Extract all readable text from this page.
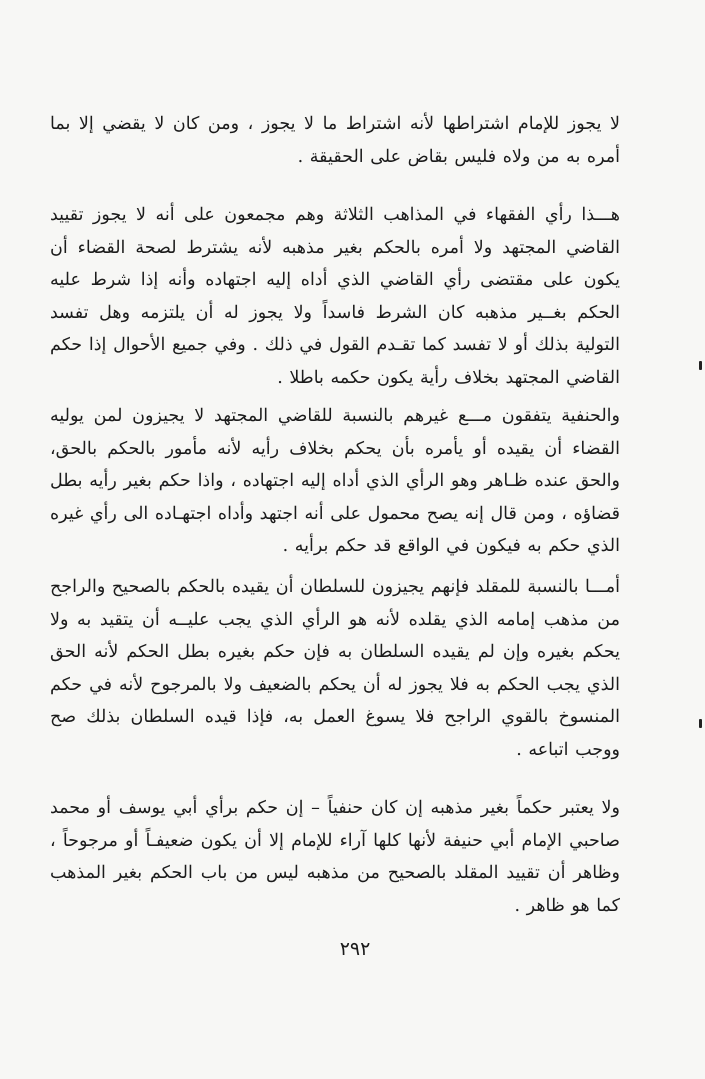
لا يجوز للإمام اشتراطها لأنه اشتراط ما لا يجوز ، ومن كان لا يقضي إلا بما أمره به من ولاه فليس بقاض على الحقيقة .
هـــذا رأي الفقهاء في المذاهب الثلاثة وهم مجمعون على أنه لا يجوز تقييد القاضي المجتهد ولا أمره بالحكم بغير مذهبه لأنه يشترط لصحة القضاء أن يكون على مقتضى رأي القاضي الذي أداه إليه اجتهاده وأنه إذا شرط عليه الحكم بغــير مذهبه كان الشرط فاسداً ولا يجوز له أن يلتزمه وهل تفسد التولية بذلك أو لا تفسد كما تقـدم القول في ذلك . وفي جميع الأحوال إذا حكم القاضي المجتهد بخلاف رأية يكون حكمه باطلا .
والحنفية يتفقون مـــع غيرهم بالنسبة للقاضي المجتهد لا يجيزون لمن يوليه القضاء أن يقيده أو يأمره بأن يحكم بخلاف رأيه لأنه مأمور بالحكم بالحق، والحق عنده ظـاهر وهو الرأي الذي أداه إليه اجتهاده ، واذا حكم بغير رأيه بطل قضاؤه ، ومن قال إنه يصح محمول على أنه اجتهد وأداه اجتهـاده الى رأي غيره الذي حكم به فيكون في الواقع قد حكم برأيه .
أمـــا بالنسبة للمقلد فإنهم يجيزون للسلطان أن يقيده بالحكم بالصحيح والراجح من مذهب إمامه الذي يقلده لأنه هو الرأي الذي يجب عليــه أن يتقيد به ولا يحكم بغيره وإن لم يقيده السلطان به فإن حكم بغيره بطل الحكم لأنه الحق الذي يجب الحكم به فلا يجوز له أن يحكم بالضعيف ولا بالمرجوح لأنه في حكم المنسوخ بالقوي الراجح فلا يسوغ العمل به، فإذا قيده السلطان بذلك صح ووجب اتباعه .
ولا يعتبر حكماً بغير مذهبه إن كان حنفياً – إن حكم برأي أبي يوسف أو محمد صاحبي الإمام أبي حنيفة لأنها كلها آراء للإمام إلا أن يكون ضعيفـاً أو مرجوحاً ، وظاهر أن تقييد المقلد بالصحيح من مذهبه ليس من باب الحكم بغير المذهب كما هو ظاهر .
٢٩٢
